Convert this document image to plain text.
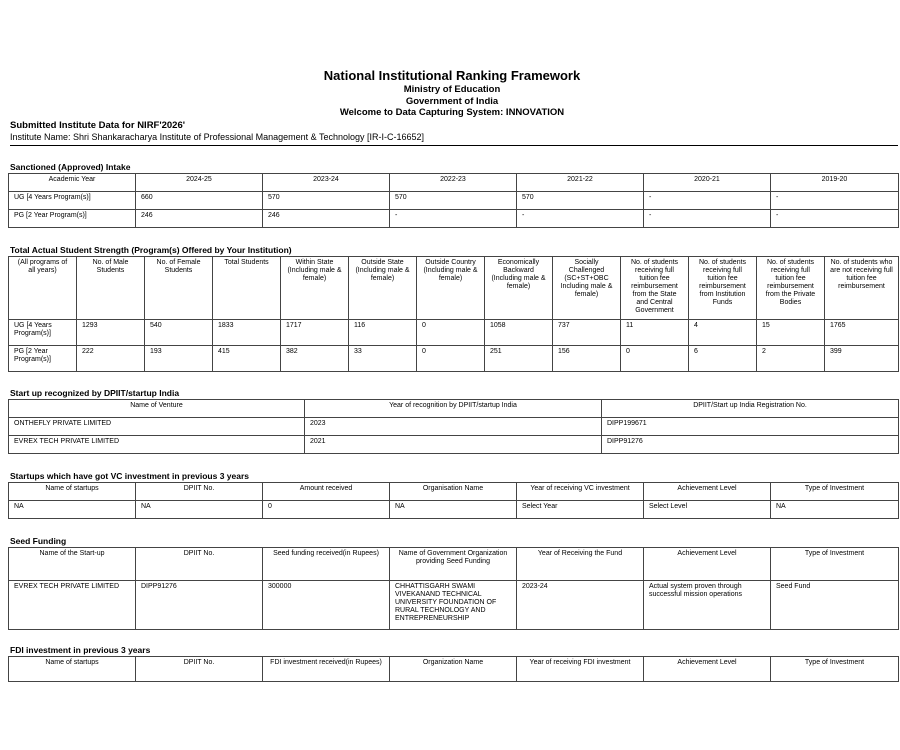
National Institutional Ranking Framework
Ministry of Education
Government of India
Welcome to Data Capturing System: INNOVATION
Submitted Institute Data for NIRF'2026'
Institute Name: Shri Shankaracharya Institute of Professional Management & Technology [IR-I-C-16652]
Sanctioned (Approved) Intake
Academic Year	2024-25	2023-24	2022-23	2021-22	2020-21	2019-20
UG [4 Years Program(s)]	660	570	570	570	-	-
PG [2 Year Program(s)]	246	246	-	-	-	-
Total Actual Student Strength (Program(s) Offered by Your Institution)
(All programs of all years)	No. of Male Students	No. of Female Students	Total Students	Within State (Including male & female)	Outside State (Including male & female)	Outside Country (Including male & female)	Economically Backward (Including male & female)	Socially Challenged (SC+ST+OBC Including male & female)	No. of students receiving full tuition fee reimbursement from the State and Central Government	No. of students receiving full tuition fee reimbursement from Institution Funds	No. of students receiving full tuition fee reimbursement from the Private Bodies	No. of students who are not receiving full tuition fee reimbursement
UG [4 Years Program(s)]	1293	540	1833	1717	116	0	1058	737	11	4	15	1765
PG [2 Year Program(s)]	222	193	415	382	33	0	251	156	0	6	2	399
Start up recognized by DPIIT/startup India
Name of Venture	Year of recognition by DPIIT/startup India	DPIIT/Start up India Registration No.
ONTHEFLY PRIVATE LIMITED	2023	DIPP199671
EVREX TECH PRIVATE LIMITED	2021	DIPP91276
Startups which have got VC investment in previous 3 years
Name of startups	DPIIT No.	Amount received	Organisation Name	Year of receiving VC investment	Achievement Level	Type of Investment
NA	NA	0	NA	Select Year	Select Level	NA
Seed Funding
Name of the Start-up	DPIIT No.	Seed funding received(in Rupees)	Name of Government Organization providing Seed Funding	Year of Receiving the Fund	Achievement Level	Type of Investment
EVREX TECH PRIVATE LIMITED	DIPP91276	300000	CHHATTISGARH SWAMI VIVEKANAND TECHNICAL UNIVERSITY FOUNDATION OF RURAL TECHNOLOGY AND ENTREPRENEURSHIP	2023-24	Actual system proven through successful mission operations	Seed Fund
FDI investment in previous 3 years
Name of startups	DPIIT No.	FDI investment received(in Rupees)	Organization Name	Year of receiving FDI investment	Achievement Level	Type of Investment
